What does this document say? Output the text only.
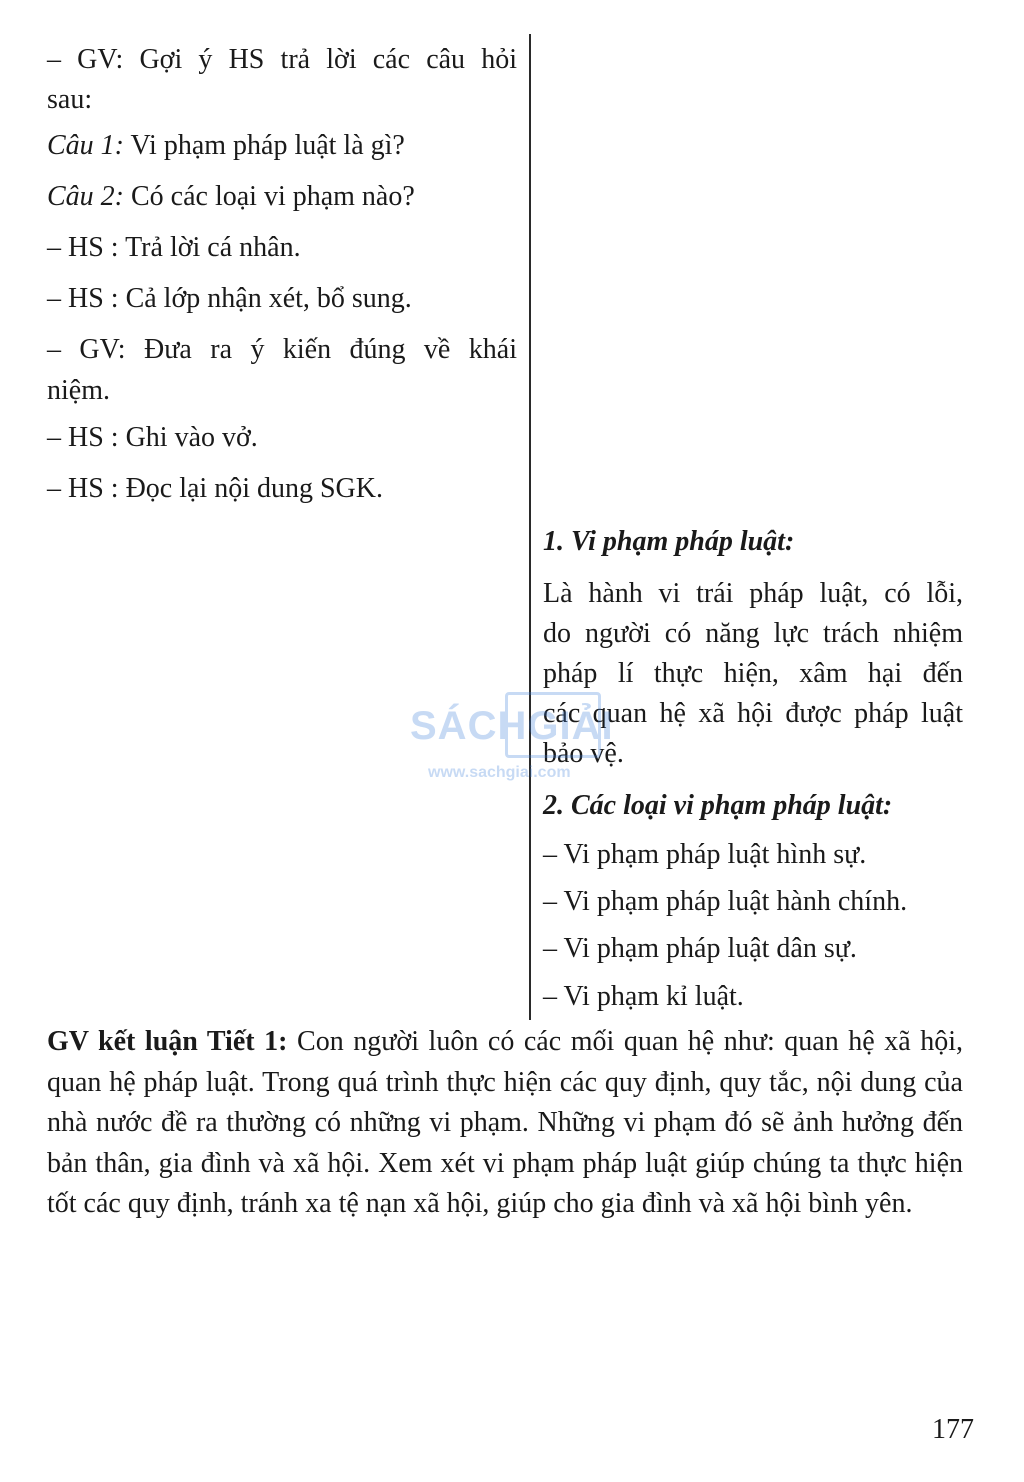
– GV: Gợi ý HS trả lời các câu hỏi
sau:
Câu 1: Vi phạm pháp luật là gì?
Câu 2: Có các loại vi phạm nào?
– HS : Trả lời cá nhân.
– HS : Cả lớp nhận xét, bổ sung.
– GV: Đưa ra ý kiến đúng về khái
niệm.
– HS : Ghi vào vở.
– HS : Đọc lại nội dung SGK.
1. Vi phạm pháp luật:
Là hành vi trái pháp luật, có lỗi,
do người có năng lực trách nhiệm
pháp lí thực hiện, xâm hại đến
các quan hệ xã hội được pháp luật
bảo vệ.
2. Các loại vi phạm pháp luật:
– Vi phạm pháp luật hình sự.
– Vi phạm pháp luật hành chính.
– Vi phạm pháp luật dân sự.
– Vi phạm kỉ luật.
SÁCHGIẢI
www.sachgiai.com
GV kết luận Tiết 1: Con người luôn có các mối quan hệ như: quan hệ xã hội, quan hệ pháp luật. Trong quá trình thực hiện các quy định, quy tắc, nội dung của nhà nước đề ra thường có những vi phạm. Những vi phạm đó sẽ ảnh hưởng đến bản thân, gia đình và xã hội. Xem xét vi phạm pháp luật giúp chúng ta thực hiện tốt các quy định, tránh xa tệ nạn xã hội, giúp cho gia đình và xã hội bình yên.
177
